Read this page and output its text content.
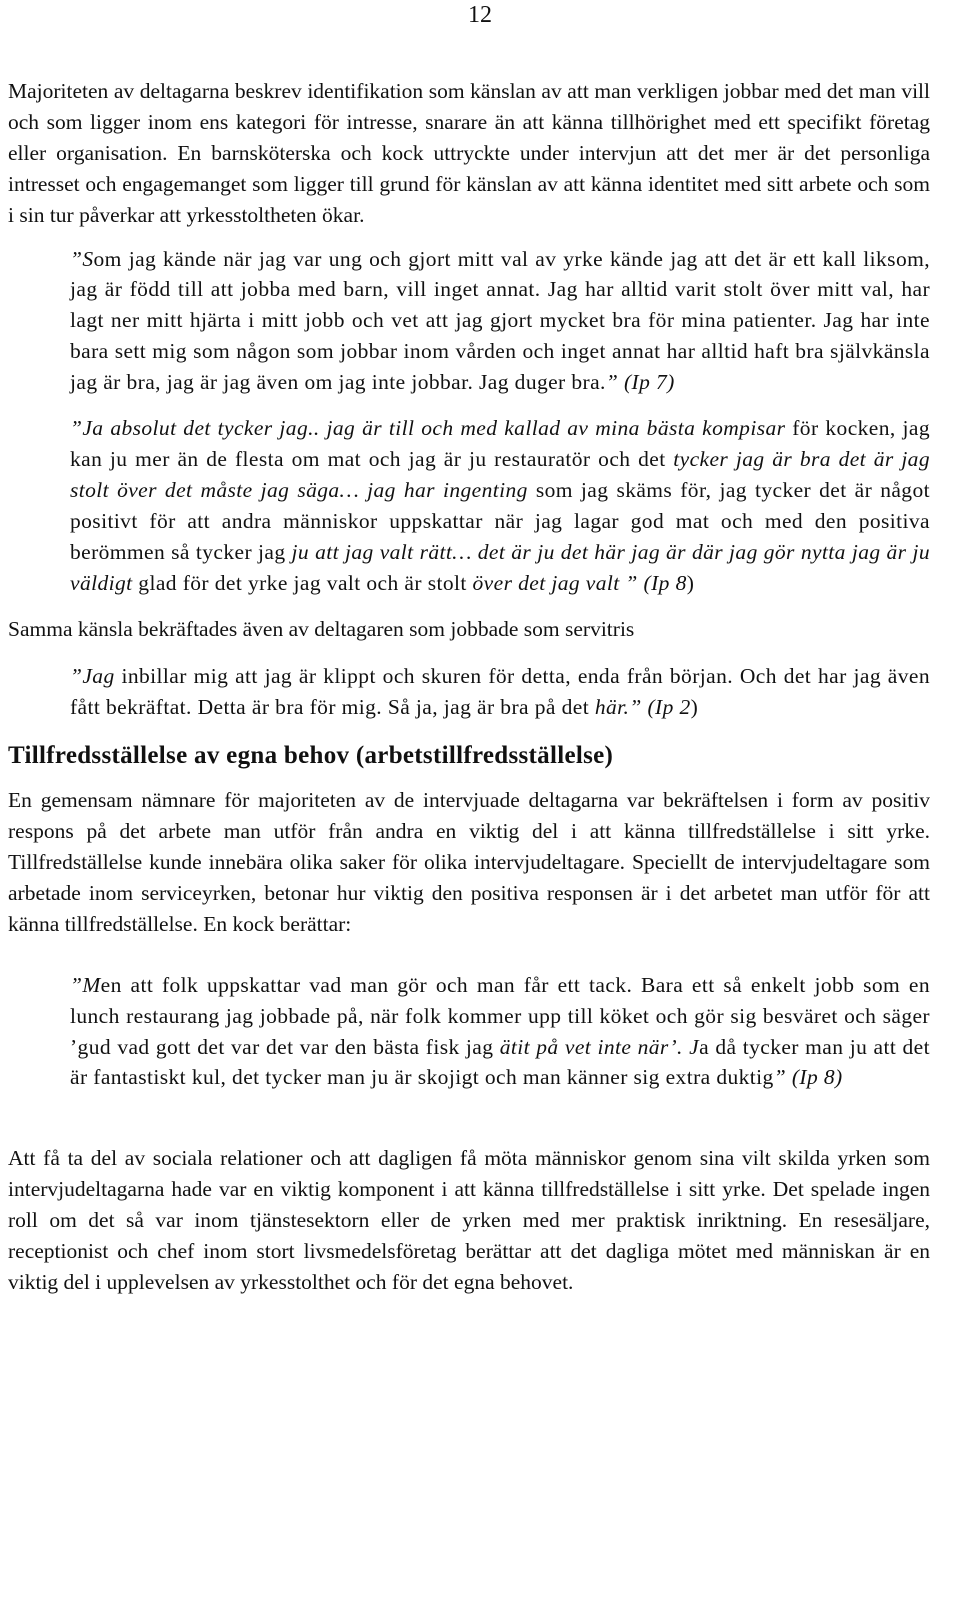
12

Majoriteten av deltagarna beskrev identifikation som känslan av att man verkligen jobbar med det man vill och som ligger inom ens kategori för intresse, snarare än att känna tillhörighet med ett specifikt företag eller organisation. En barnsköterska och kock uttryckte under intervjun att det mer är det personliga intresset och engagemanget som ligger till grund för känslan av att känna identitet med sitt arbete och som i sin tur påverkar att yrkesstoltheten ökar.

”Som jag kände när jag var ung och gjort mitt val av yrke kände jag att det är ett kall liksom, jag är född till att jobba med barn, vill inget annat. Jag har alltid varit stolt över mitt val, har lagt ner mitt hjärta i mitt jobb och vet att jag gjort mycket bra för mina patienter. Jag har inte bara sett mig som någon som jobbar inom vården och inget annat har alltid haft bra självkänsla jag är bra, jag är jag även om jag inte jobbar. Jag duger bra.” (Ip 7)

”Ja absolut det tycker jag.. jag är till och med kallad av mina bästa kompisar för kocken, jag kan ju mer än de flesta om mat och jag är ju restauratör och det tycker jag är bra det är jag stolt över det måste jag säga… jag har ingenting som jag skäms för, jag tycker det är något positivt för att andra människor uppskattar när jag lagar god mat och med den positiva berömmen så tycker jag ju att jag valt rätt… det är ju det här jag är där jag gör nytta jag är ju väldigt glad för det yrke jag valt och är stolt över det jag valt ” (Ip 8)

Samma känsla bekräftades även av deltagaren som jobbade som servitris

”Jag inbillar mig att jag är klippt och skuren för detta, enda från början. Och det har jag även fått bekräftat. Detta är bra för mig. Så ja, jag är bra på det här.” (Ip 2)

Tillfredsställelse av egna behov (arbetstillfredsställelse)

En gemensam nämnare för majoriteten av de intervjuade deltagarna var bekräftelsen i form av positiv respons på det arbete man utför från andra en viktig del i att känna tillfredställelse i sitt yrke. Tillfredställelse kunde innebära olika saker för olika intervjudeltagare. Speciellt de intervjudeltagare som arbetade inom serviceyrken, betonar hur viktig den positiva responsen är i det arbetet man utför för att känna tillfredställelse. En kock berättar:

”Men att folk uppskattar vad man gör och man får ett tack. Bara ett så enkelt jobb som en lunch restaurang jag jobbade på, när folk kommer upp till köket och gör sig besväret och säger ’gud vad gott det var det var den bästa fisk jag ätit på vet inte när’. Ja då tycker man ju att det är fantastiskt kul, det tycker man ju är skojigt och man känner sig extra duktig” (Ip 8)

Att få ta del av sociala relationer och att dagligen få möta människor genom sina vilt skilda yrken som intervjudeltagarna hade var en viktig komponent i att känna tillfredställelse i sitt yrke. Det spelade ingen roll om det så var inom tjänstesektorn eller de yrken med mer praktisk inriktning. En resesäljare, receptionist och chef inom stort livsmedelsföretag berättar att det dagliga mötet med människan är en viktig del i upplevelsen av yrkesstolthet och för det egna behovet.
